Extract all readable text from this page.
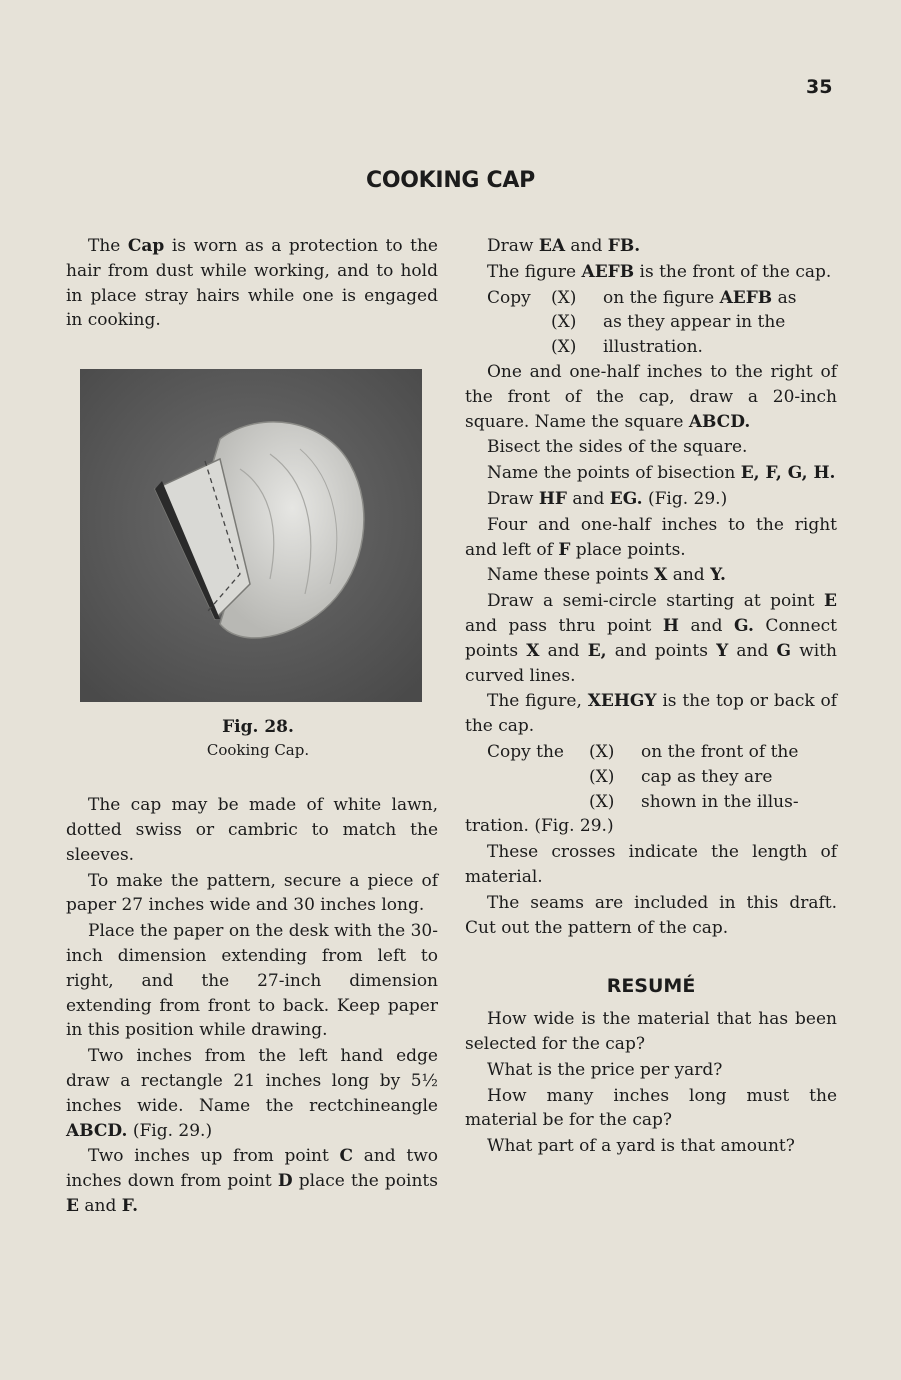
35
COOKING CAP

The Cap is worn as a protection to the hair from dust while working, and to hold in place stray hairs while one is engaged in cooking.

Fig. 28.
Cooking Cap.

The cap may be made of white lawn, dotted swiss or cambric to match the sleeves.

To make the pattern, secure a piece of paper 27 inches wide and 30 inches long.

Place the paper on the desk with the 30-inch dimension extending from left to right, and the 27-inch dimension extending from front to back. Keep paper in this position while drawing.

Two inches from the left hand edge draw a rectangle 21 inches long by 5½ inches wide. Name the rectchineangle ABCD. (Fig. 29.)

Two inches up from point C and two inches down from point D place the points E and F.

Draw EA and FB.

The figure AEFB is the front of the cap.

Copy	(X) on the figure AEFB as
(X) as they appear in the
(X) illustration.

One and one-half inches to the right of the front of the cap, draw a 20-inch square. Name the square ABCD.

Bisect the sides of the square.

Name the points of bisection E, F, G, H.

Draw HF and EG. (Fig. 29.)

Four and one-half inches to the right and left of F place points.

Name these points X and Y.

Draw a semi-circle starting at point E and pass thru point H and G. Connect points X and E, and points Y and G with curved lines.

The figure, XEHGY is the top or back of the cap.

Copy the	(X) on the front of the
(X) cap as they are
(X) shown in the illus-

tration. (Fig. 29.)

These crosses indicate the length of material.

The seams are included in this draft. Cut out the pattern of the cap.

RESUMÉ

How wide is the material that has been selected for the cap?

What is the price per yard?

How many inches long must the material be for the cap?

What part of a yard is that amount?
